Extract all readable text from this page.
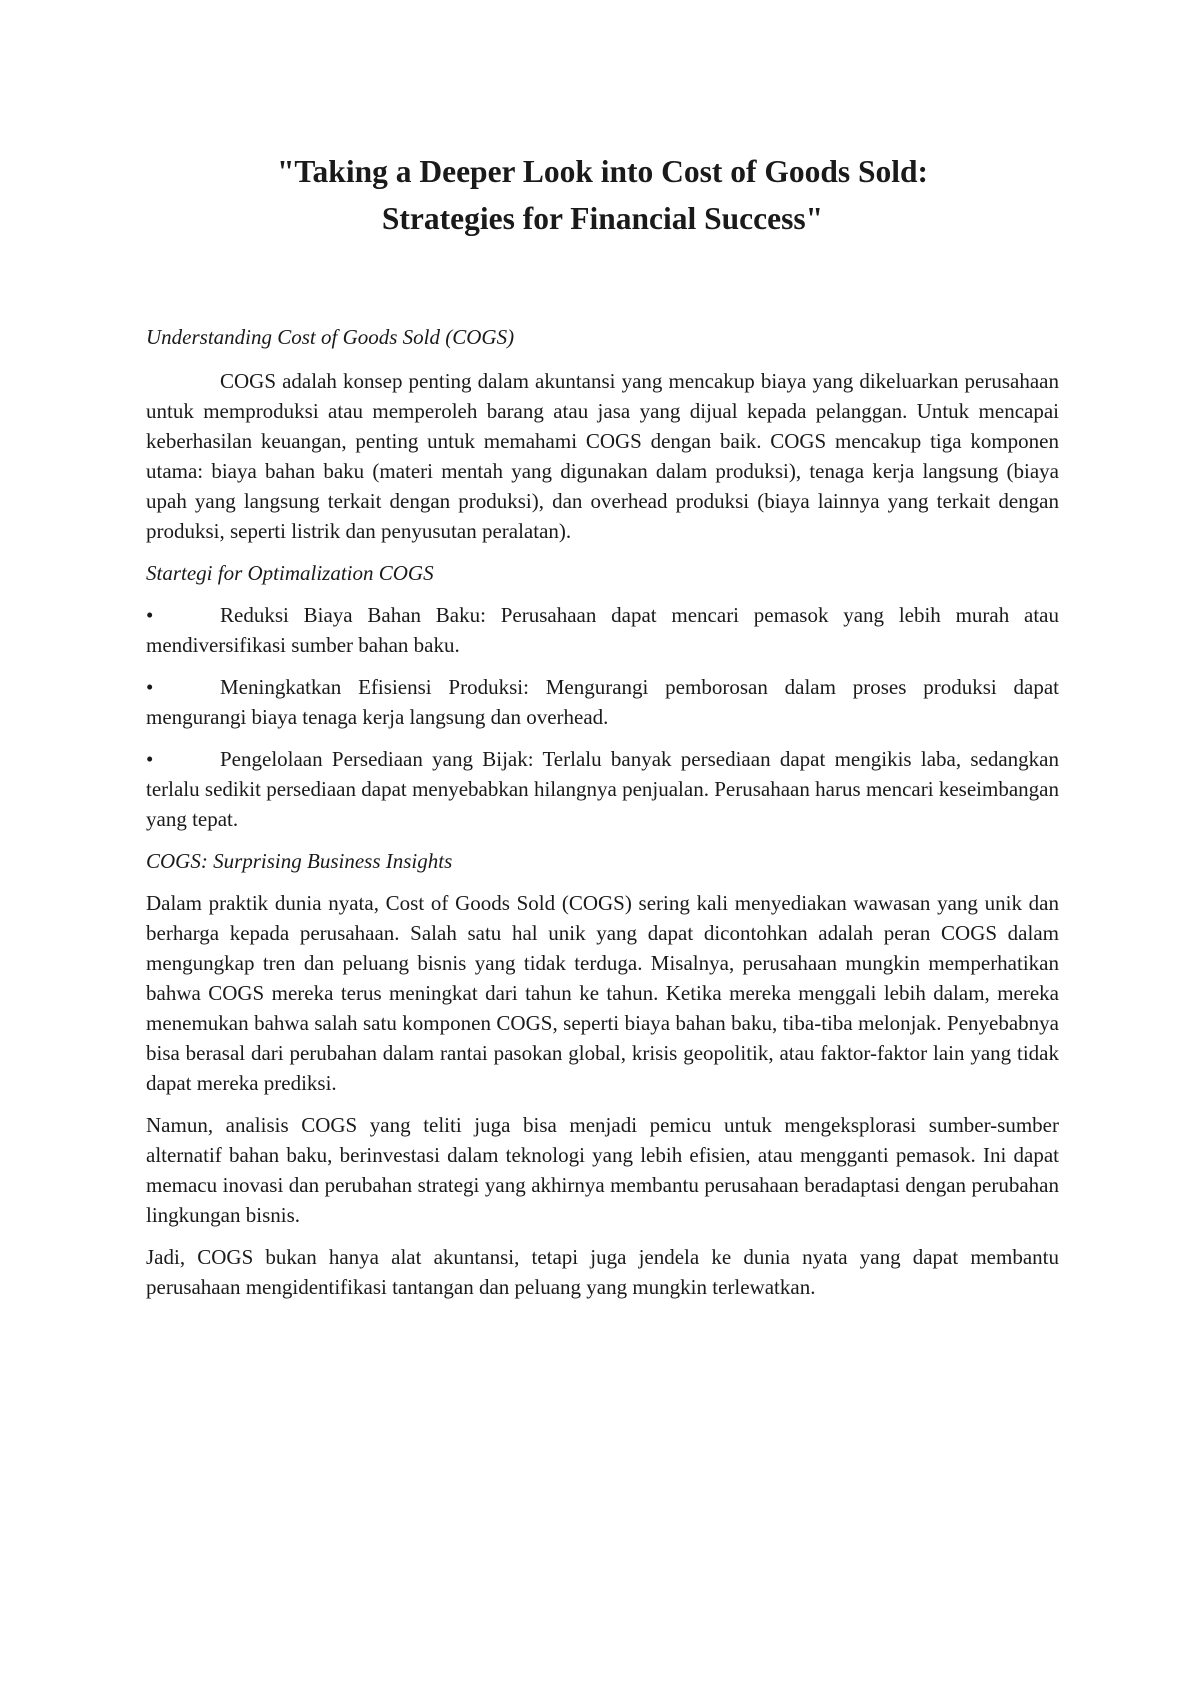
"Taking a Deeper Look into Cost of Goods Sold:
Strategies for Financial Success"

Understanding Cost of Goods Sold (COGS)

COGS adalah konsep penting dalam akuntansi yang mencakup biaya yang dikeluarkan perusahaan untuk memproduksi atau memperoleh barang atau jasa yang dijual kepada pelanggan. Untuk mencapai keberhasilan keuangan, penting untuk memahami COGS dengan baik. COGS mencakup tiga komponen utama: biaya bahan baku (materi mentah yang digunakan dalam produksi), tenaga kerja langsung (biaya upah yang langsung terkait dengan produksi), dan overhead produksi (biaya lainnya yang terkait dengan produksi, seperti listrik dan penyusutan peralatan).

Startegi for Optimalization COGS

•	Reduksi Biaya Bahan Baku: Perusahaan dapat mencari pemasok yang lebih murah atau mendiversifikasi sumber bahan baku.

•	Meningkatkan Efisiensi Produksi: Mengurangi pemborosan dalam proses produksi dapat mengurangi biaya tenaga kerja langsung dan overhead.

•	Pengelolaan Persediaan yang Bijak: Terlalu banyak persediaan dapat mengikis laba, sedangkan terlalu sedikit persediaan dapat menyebabkan hilangnya penjualan. Perusahaan harus mencari keseimbangan yang tepat.

COGS: Surprising Business Insights

Dalam praktik dunia nyata, Cost of Goods Sold (COGS) sering kali menyediakan wawasan yang unik dan berharga kepada perusahaan. Salah satu hal unik yang dapat dicontohkan adalah peran COGS dalam mengungkap tren dan peluang bisnis yang tidak terduga. Misalnya, perusahaan mungkin memperhatikan bahwa COGS mereka terus meningkat dari tahun ke tahun. Ketika mereka menggali lebih dalam, mereka menemukan bahwa salah satu komponen COGS, seperti biaya bahan baku, tiba-tiba melonjak. Penyebabnya bisa berasal dari perubahan dalam rantai pasokan global, krisis geopolitik, atau faktor-faktor lain yang tidak dapat mereka prediksi.

Namun, analisis COGS yang teliti juga bisa menjadi pemicu untuk mengeksplorasi sumber-sumber alternatif bahan baku, berinvestasi dalam teknologi yang lebih efisien, atau mengganti pemasok. Ini dapat memacu inovasi dan perubahan strategi yang akhirnya membantu perusahaan beradaptasi dengan perubahan lingkungan bisnis.

Jadi, COGS bukan hanya alat akuntansi, tetapi juga jendela ke dunia nyata yang dapat membantu perusahaan mengidentifikasi tantangan dan peluang yang mungkin terlewatkan.
